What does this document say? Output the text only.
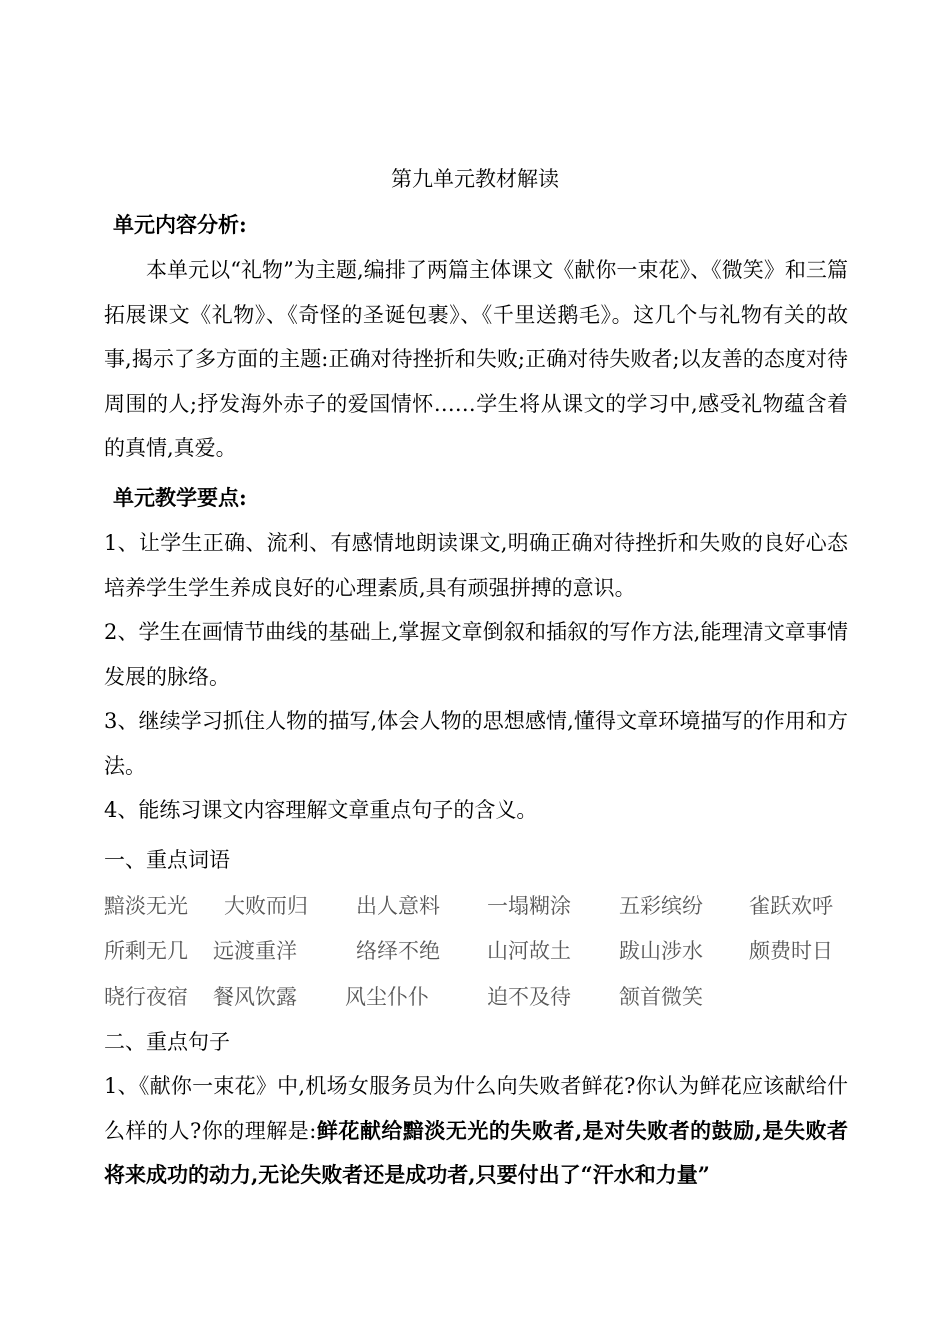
第九单元教材解读
单元内容分析:

本单元以“礼物”为主题,编排了两篇主体课文《献你一束花》、《微笑》和三篇拓展课文《礼物》、《奇怪的圣诞包裹》、《千里送鹅毛》。这几个与礼物有关的故事,揭示了多方面的主题:正确对待挫折和失败;正确对待失败者;以友善的态度对待周围的人;抒发海外赤子的爱国情怀……学生将从课文的学习中,感受礼物蕴含着的真情,真爱。

单元教学要点:

1、让学生正确、流利、有感情地朗读课文,明确正确对待挫折和失败的良好心态培养学生学生养成良好的心理素质,具有顽强拼搏的意识。

2、学生在画情节曲线的基础上,掌握文章倒叙和插叙的写作方法,能理清文章事情发展的脉络。

3、继续学习抓住人物的描写,体会人物的思想感情,懂得文章环境描写的作用和方法。

4、能练习课文内容理解文章重点句子的含义。

一、重点词语
黯淡无光 大败而归 出人意料 一塌糊涂 五彩缤纷 雀跃欢呼
所剩无几 远渡重洋	络绎不绝 山河故土 跋山涉水 颇费时日
晓行夜宿 餐风饮露 风尘仆仆	迫不及待 颔首微笑
二、重点句子

1、《献你一束花》中,机场女服务员为什么向失败者鲜花?你认为鲜花应该献给什么样的人?你的理解是:鲜花献给黯淡无光的失败者,是对失败者的鼓励,是失败者将来成功的动力,无论失败者还是成功者,只要付出了“汗水和力量”
